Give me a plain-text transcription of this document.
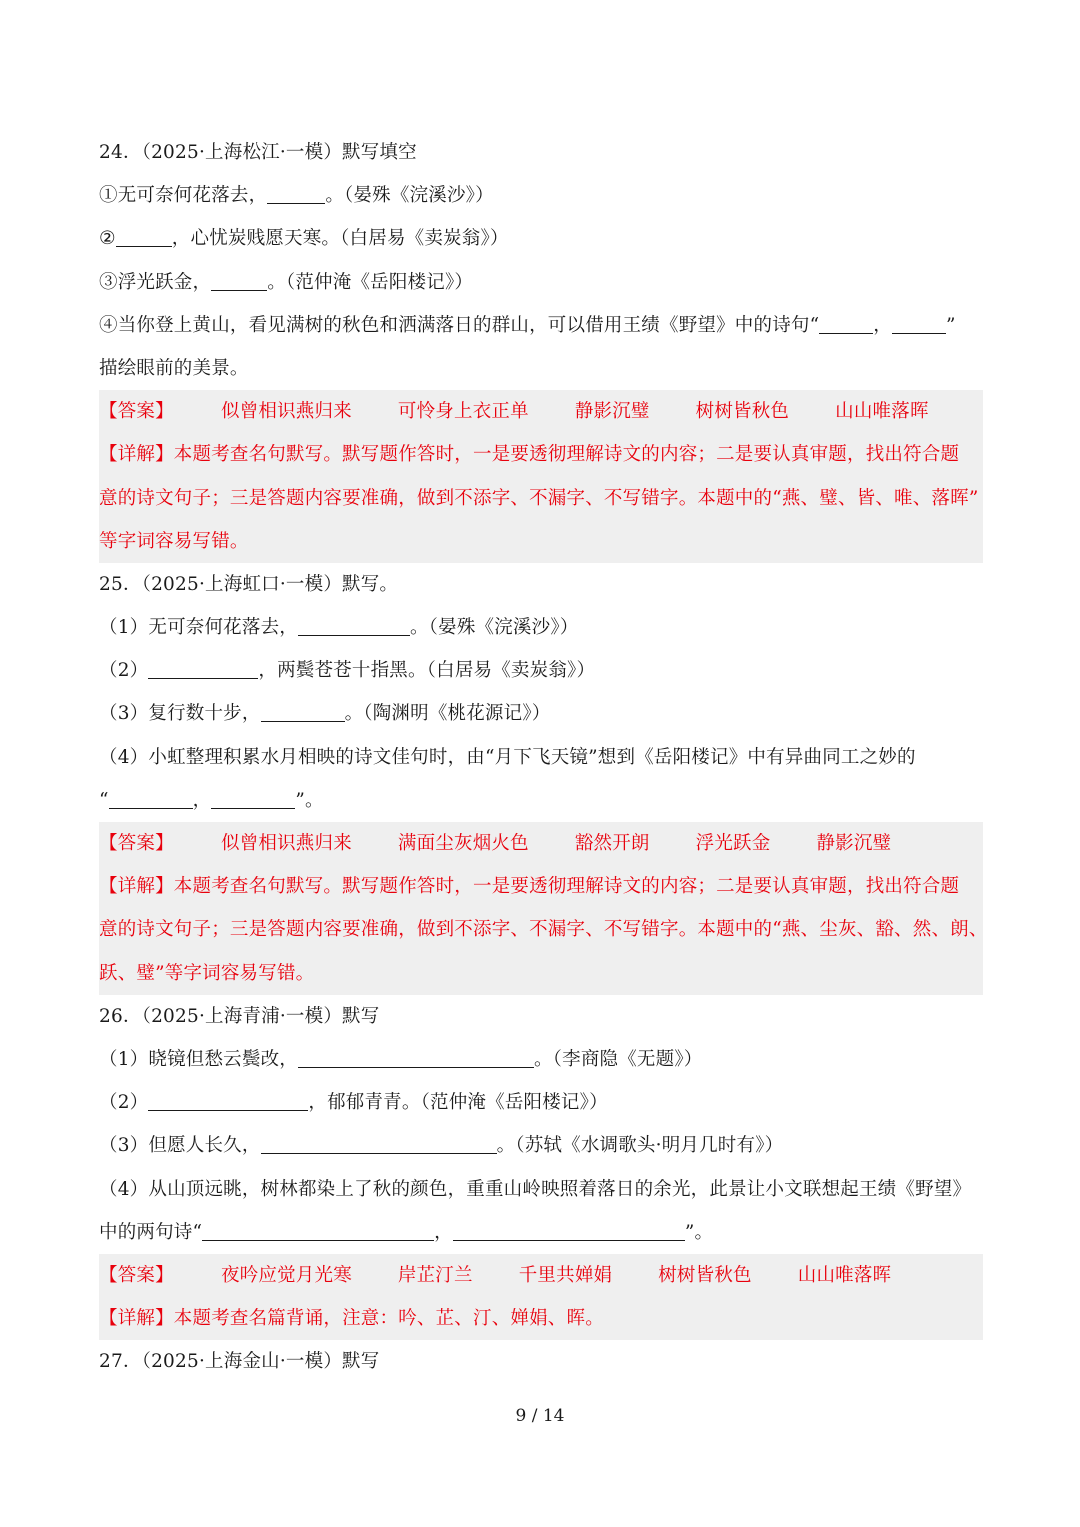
24．（2025·上海松江·一模）默写填空
①无可奈何花落去，	。（晏殊《浣溪沙》）
②	，心忧炭贱愿天寒。（白居易《卖炭翁》）
③浮光跃金，	。（范仲淹《岳阳楼记》）
④当你登上黄山，看见满树的秋色和洒满落日的群山，可以借用王绩《野望》中的诗句“	，	”
描绘眼前的美景。
【答案】	似曾相识燕归来 可怜身上衣正单 静影沉璧 树树皆秋色 山山唯落晖
【详解】本题考查名句默写。默写题作答时，一是要透彻理解诗文的内容；二是要认真审题，找出符合题
意的诗文句子；三是答题内容要准确，做到不添字、不漏字、不写错字。本题中的“燕、璧、皆、唯、落晖”
等字词容易写错。
25．（2025·上海虹口·一模）默写。
（1）无可奈何花落去，	。（晏殊《浣溪沙》）
（2）	，两鬓苍苍十指黑。（白居易《卖炭翁》）
（3）复行数十步，	。（陶渊明《桃花源记》）
（4）小虹整理积累水月相映的诗文佳句时，由“月下飞天镜”想到《岳阳楼记》中有异曲同工之妙的
“	，	”。
【答案】	似曾相识燕归来 满面尘灰烟火色 豁然开朗 浮光跃金 静影沉璧
【详解】本题考查名句默写。默写题作答时，一是要透彻理解诗文的内容；二是要认真审题，找出符合题
意的诗文句子；三是答题内容要准确，做到不添字、不漏字、不写错字。本题中的“燕、尘灰、豁、然、朗、
跃、璧”等字词容易写错。
26．（2025·上海青浦·一模）默写
（1）晓镜但愁云鬓改，	。（李商隐《无题》）
（2）	，郁郁青青。（范仲淹《岳阳楼记》）
（3）但愿人长久，	。（苏轼《水调歌头·明月几时有》）
（4）从山顶远眺，树林都染上了秋的颜色，重重山岭映照着落日的余光，此景让小文联想起王绩《野望》
中的两句诗“	，	”。
【答案】	夜吟应觉月光寒 岸芷汀兰 千里共婵娟 树树皆秋色 山山唯落晖
【详解】本题考查名篇背诵，注意：吟、芷、汀、婵娟、晖。
27．（2025·上海金山·一模）默写
9 / 14
